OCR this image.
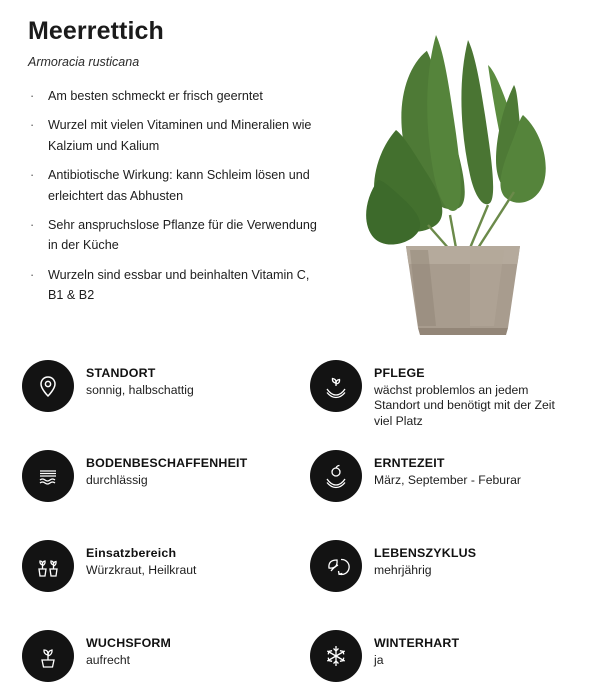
Meerrettich
Armoracia rusticana
· Am besten schmeckt er frisch geerntet
· Wurzel mit vielen Vitaminen und Mineralien wie Kalzium und Kalium
· Antibiotische Wirkung: kann Schleim lösen und erleichtert das Abhusten
· Sehr anspruchslose Pflanze für die Verwendung in der Küche
· Wurzeln sind essbar und beinhalten Vitamin C, B1 & B2
STANDORT
sonnig, halbschattig
BODENBESCHAFFENHEIT
durchlässig
Einsatzbereich
Würzkraut, Heilkraut
WUCHSFORM
aufrecht
PFLEGE
wächst problemlos an jedem Standort und benötigt mit der Zeit viel Platz
ERNTEZEIT
März, September - Feburar
LEBENSZYKLUS
mehrjährig
WINTERHART
ja
